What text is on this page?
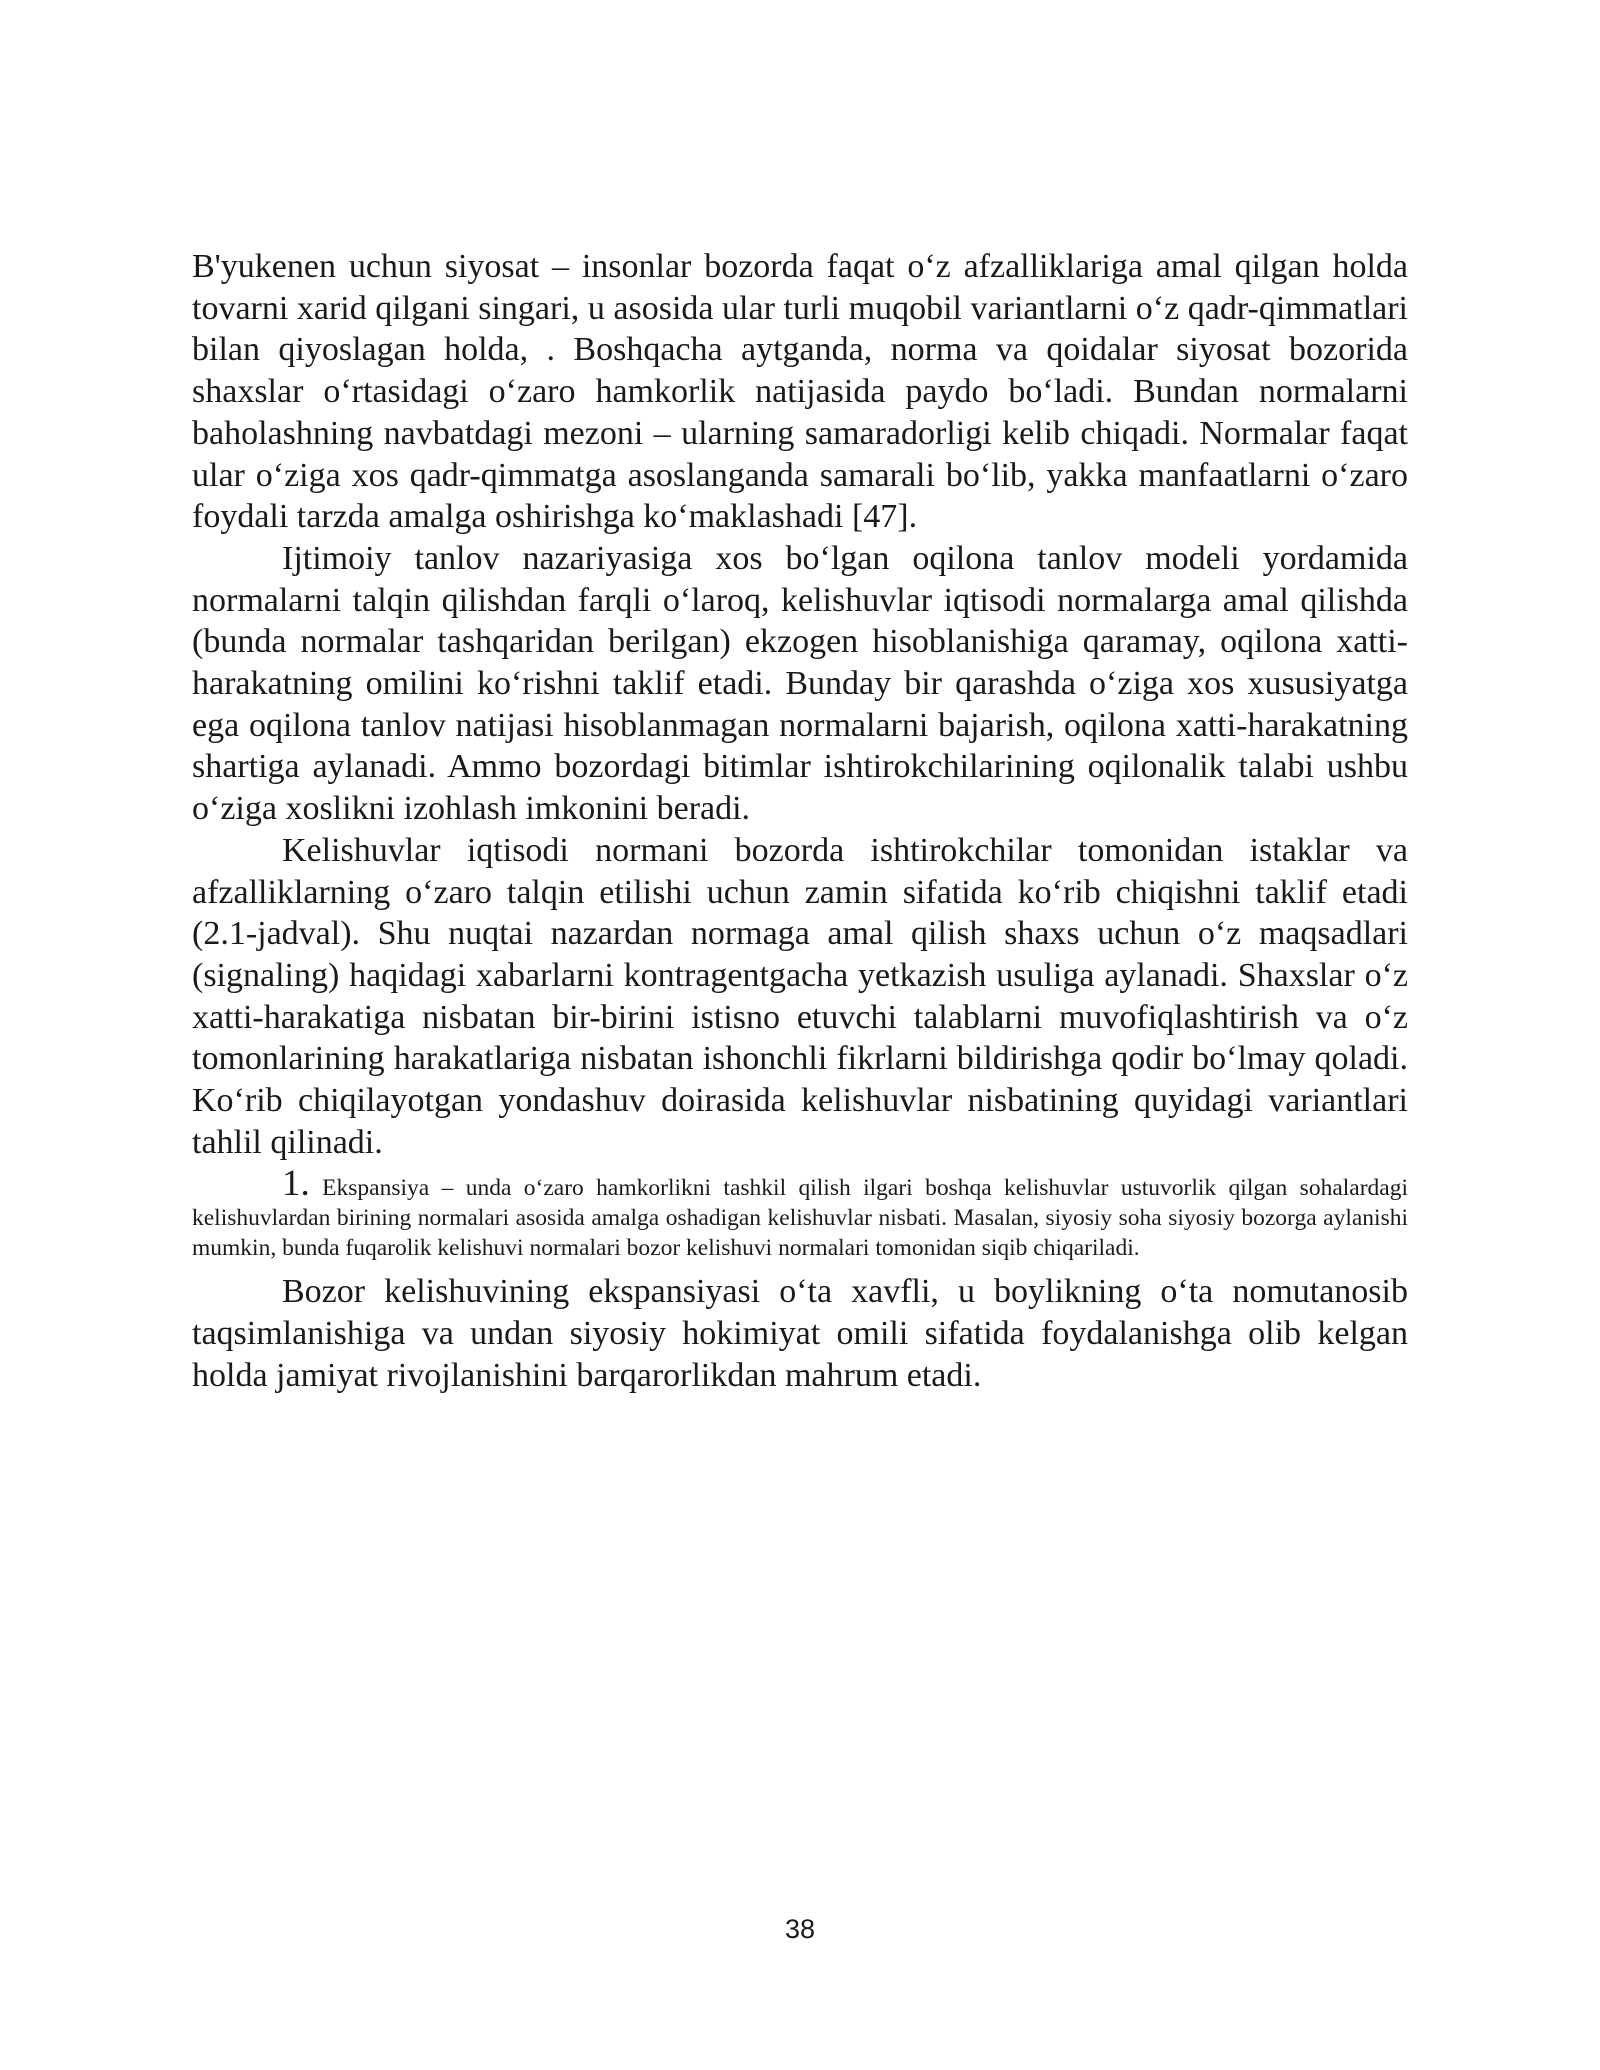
B'yukenen uchun siyosat – insonlar bozorda faqat o‘z afzalliklariga amal qilgan holda tovarni xarid qilgani singari, u asosida ular turli muqobil variantlarni o‘z qadr-qimmatlari bilan qiyoslagan holda, . Boshqacha aytganda, norma va qoidalar siyosat bozorida shaxslar o‘rtasidagi o‘zaro hamkorlik natijasida paydo bo‘ladi. Bundan normalarni baholashning navbatdagi mezoni – ularning samaradorligi kelib chiqadi. Normalar faqat ular o‘ziga xos qadr-qimmatga asoslanganda samarali bo‘lib, yakka manfaatlarni o‘zaro foydali tarzda amalga oshirishga ko‘maklashadi [47].

Ijtimoiy tanlov nazariyasiga xos bo‘lgan oqilona tanlov modeli yordamida normalarni talqin qilishdan farqli o‘laroq, kelishuvlar iqtisodi normalarga amal qilishda (bunda normalar tashqaridan berilgan) ekzogen hisoblanishiga qaramay, oqilona xatti-harakatning omilini ko‘rishni taklif etadi. Bunday bir qarashda o‘ziga xos xususiyatga ega oqilona tanlov natijasi hisoblanmagan normalarni bajarish, oqilona xatti-harakatning shartiga aylanadi. Ammo bozordagi bitimlar ishtirokchilarining oqilonalik talabi ushbu o‘ziga xoslikni izohlash imkonini beradi.

Kelishuvlar iqtisodi normani bozorda ishtirokchilar tomonidan istaklar va afzalliklarning o‘zaro talqin etilishi uchun zamin sifatida ko‘rib chiqishni taklif etadi (2.1-jadval). Shu nuqtai nazardan normaga amal qilish shaxs uchun o‘z maqsadlari (signaling) haqidagi xabarlarni kontragentgacha yetkazish usuliga aylanadi. Shaxslar o‘z xatti-harakatiga nisbatan bir-birini istisno etuvchi talablarni muvofiqlashtirish va o‘z tomonlarining harakatlariga nisbatan ishonchli fikrlarni bildirishga qodir bo‘lmay qoladi. Ko‘rib chiqilayotgan yondashuv doirasida kelishuvlar nisbatining quyidagi variantlari tahlil qilinadi.

1. Ekspansiya – unda o‘zaro hamkorlikni tashkil qilish ilgari boshqa kelishuvlar ustuvorlik qilgan sohalardagi kelishuvlardan birining normalari asosida amalga oshadigan kelishuvlar nisbati. Masalan, siyosiy soha siyosiy bozorga aylanishi mumkin, bunda fuqarolik kelishuvi normalari bozor kelishuvi normalari tomonidan siqib chiqariladi.

Bozor kelishuvining ekspansiyasi o‘ta xavfli, u boylikning o‘ta nomutanosib taqsimlanishiga va undan siyosiy hokimiyat omili sifatida foydalanishga olib kelgan holda jamiyat rivojlanishini barqarorlikdan mahrum etadi.

38
